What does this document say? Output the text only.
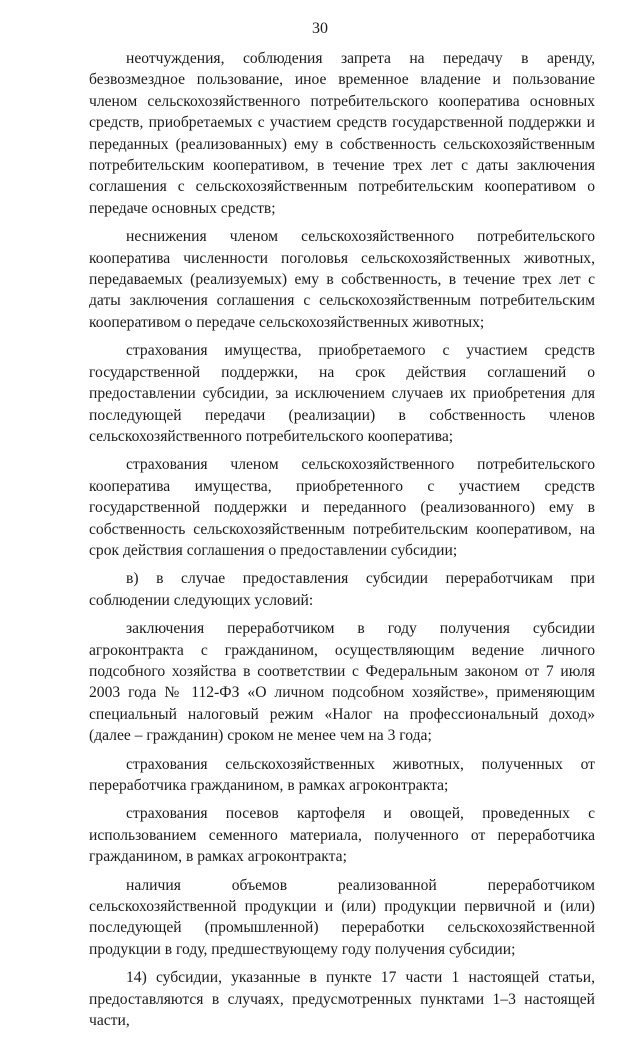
30

неотчуждения, соблюдения запрета на передачу в аренду, безвозмездное пользование, иное временное владение и пользование членом сельскохозяйственного потребительского кооператива основных средств, приобретаемых с участием средств государственной поддержки и переданных (реализованных) ему в собственность сельскохозяйственным потребительским кооперативом, в течение трех лет с даты заключения соглашения с сельскохозяйственным потребительским кооперативом о передаче основных средств;

неснижения членом сельскохозяйственного потребительского кооператива численности поголовья сельскохозяйственных животных, передаваемых (реализуемых) ему в собственность, в течение трех лет с даты заключения соглашения с сельскохозяйственным потребительским кооперативом о передаче сельскохозяйственных животных;

страхования имущества, приобретаемого с участием средств государственной поддержки, на срок действия соглашений о предоставлении субсидии, за исключением случаев их приобретения для последующей передачи (реализации) в собственность членов сельскохозяйственного потребительского кооператива;

страхования членом сельскохозяйственного потребительского кооператива имущества, приобретенного с участием средств государственной поддержки и переданного (реализованного) ему в собственность сельскохозяйственным потребительским кооперативом, на срок действия соглашения о предоставлении субсидии;

в) в случае предоставления субсидии переработчикам при соблюдении следующих условий:

заключения переработчиком в году получения субсидии агроконтракта с гражданином, осуществляющим ведение личного подсобного хозяйства в соответствии с Федеральным законом от 7 июля 2003 года № 112-ФЗ «О личном подсобном хозяйстве», применяющим специальный налоговый режим «Налог на профессиональный доход» (далее – гражданин) сроком не менее чем на 3 года;

страхования сельскохозяйственных животных, полученных от переработчика гражданином, в рамках агроконтракта;

страхования посевов картофеля и овощей, проведенных с использованием семенного материала, полученного от переработчика гражданином, в рамках агроконтракта;

наличия объемов реализованной переработчиком сельскохозяйственной продукции и (или) продукции первичной и (или) последующей (промышленной) переработки сельскохозяйственной продукции в году, предшествующему году получения субсидии;

14) субсидии, указанные в пункте 17 части 1 настоящей статьи, предоставляются в случаях, предусмотренных пунктами 1–3 настоящей части,
